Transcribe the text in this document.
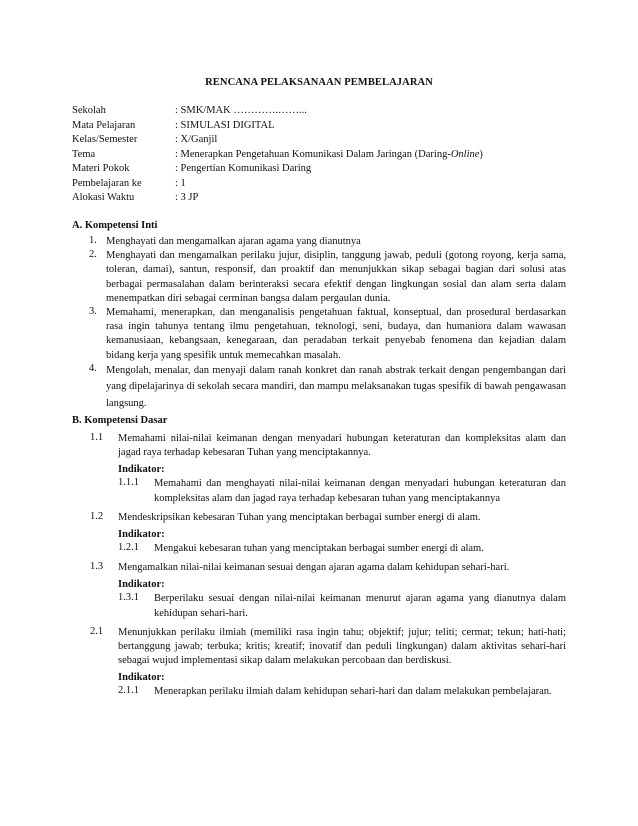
RENCANA PELAKSANAAN PEMBELAJARAN
Sekolah	: SMK/MAK ………….……...
Mata Pelajaran	: SIMULASI DIGITAL
Kelas/Semester	: X/Ganjil
Tema	: Menerapkan Pengetahuan Komunikasi Dalam Jaringan (Daring-Online)
Materi Pokok	: Pengertian Komunikasi Daring
Pembelajaran ke	: 1
Alokasi Waktu	: 3 JP
A. Kompetensi Inti
1. Menghayati dan mengamalkan ajaran agama yang dianutnya
2. Menghayati dan mengamalkan perilaku jujur, disiplin, tanggung jawab, peduli (gotong royong, kerja sama, toleran, damai), santun, responsif, dan proaktif dan menunjukkan sikap sebagai bagian dari solusi atas berbagai permasalahan dalam berinteraksi secara efektif dengan lingkungan sosial dan alam serta dalam menempatkan diri sebagai cerminan bangsa dalam pergaulan dunia.
3. Memahami, menerapkan, dan menganalisis pengetahuan faktual, konseptual, dan prosedural berdasarkan rasa ingin tahunya tentang ilmu pengetahuan, teknologi, seni, budaya, dan humaniora dalam wawasan kemanusiaan, kebangsaan, kenegaraan, dan peradaban terkait penyebab fenomena dan kejadian dalam bidang kerja yang spesifik untuk memecahkan masalah.
4. Mengolah, menalar, dan menyaji dalam ranah konkret dan ranah abstrak terkait dengan pengembangan dari yang dipelajarinya di sekolah secara mandiri, dan mampu melaksanakan tugas spesifik di bawah pengawasan langsung.
B. Kompetensi Dasar
1.1	Memahami nilai-nilai keimanan dengan menyadari hubungan keteraturan dan kompleksitas alam dan jagad raya terhadap kebesaran Tuhan yang menciptakannya.
Indikator:
1.1.1	Memahami dan menghayati nilai-nilai keimanan dengan menyadari hubungan keteraturan dan kompleksitas alam dan jagad raya terhadap kebesaran tuhan yang menciptakannya
1.2	Mendeskripsikan kebesaran Tuhan yang menciptakan berbagai sumber energi di alam.
Indikator:
1.2.1	Mengakui kebesaran tuhan yang menciptakan berbagai sumber energi di alam.
1.3	Mengamalkan nilai-nilai keimanan sesuai dengan ajaran agama dalam kehidupan sehari-hari.
Indikator:
1.3.1	Berperilaku sesuai dengan nilai-nilai keimanan menurut ajaran agama yang dianutnya dalam kehidupan sehari-hari.
2.1	Menunjukkan perilaku ilmiah (memiliki rasa ingin tahu; objektif; jujur; teliti; cermat; tekun; hati-hati; bertanggung jawab; terbuka; kritis; kreatif; inovatif dan peduli lingkungan) dalam aktivitas sehari-hari sebagai wujud implementasi sikap dalam melakukan percobaan dan berdiskusi.
Indikator:
2.1.1	Menerapkan perilaku ilmiah dalam kehidupan sehari-hari dan dalam melakukan pembelajaran.
